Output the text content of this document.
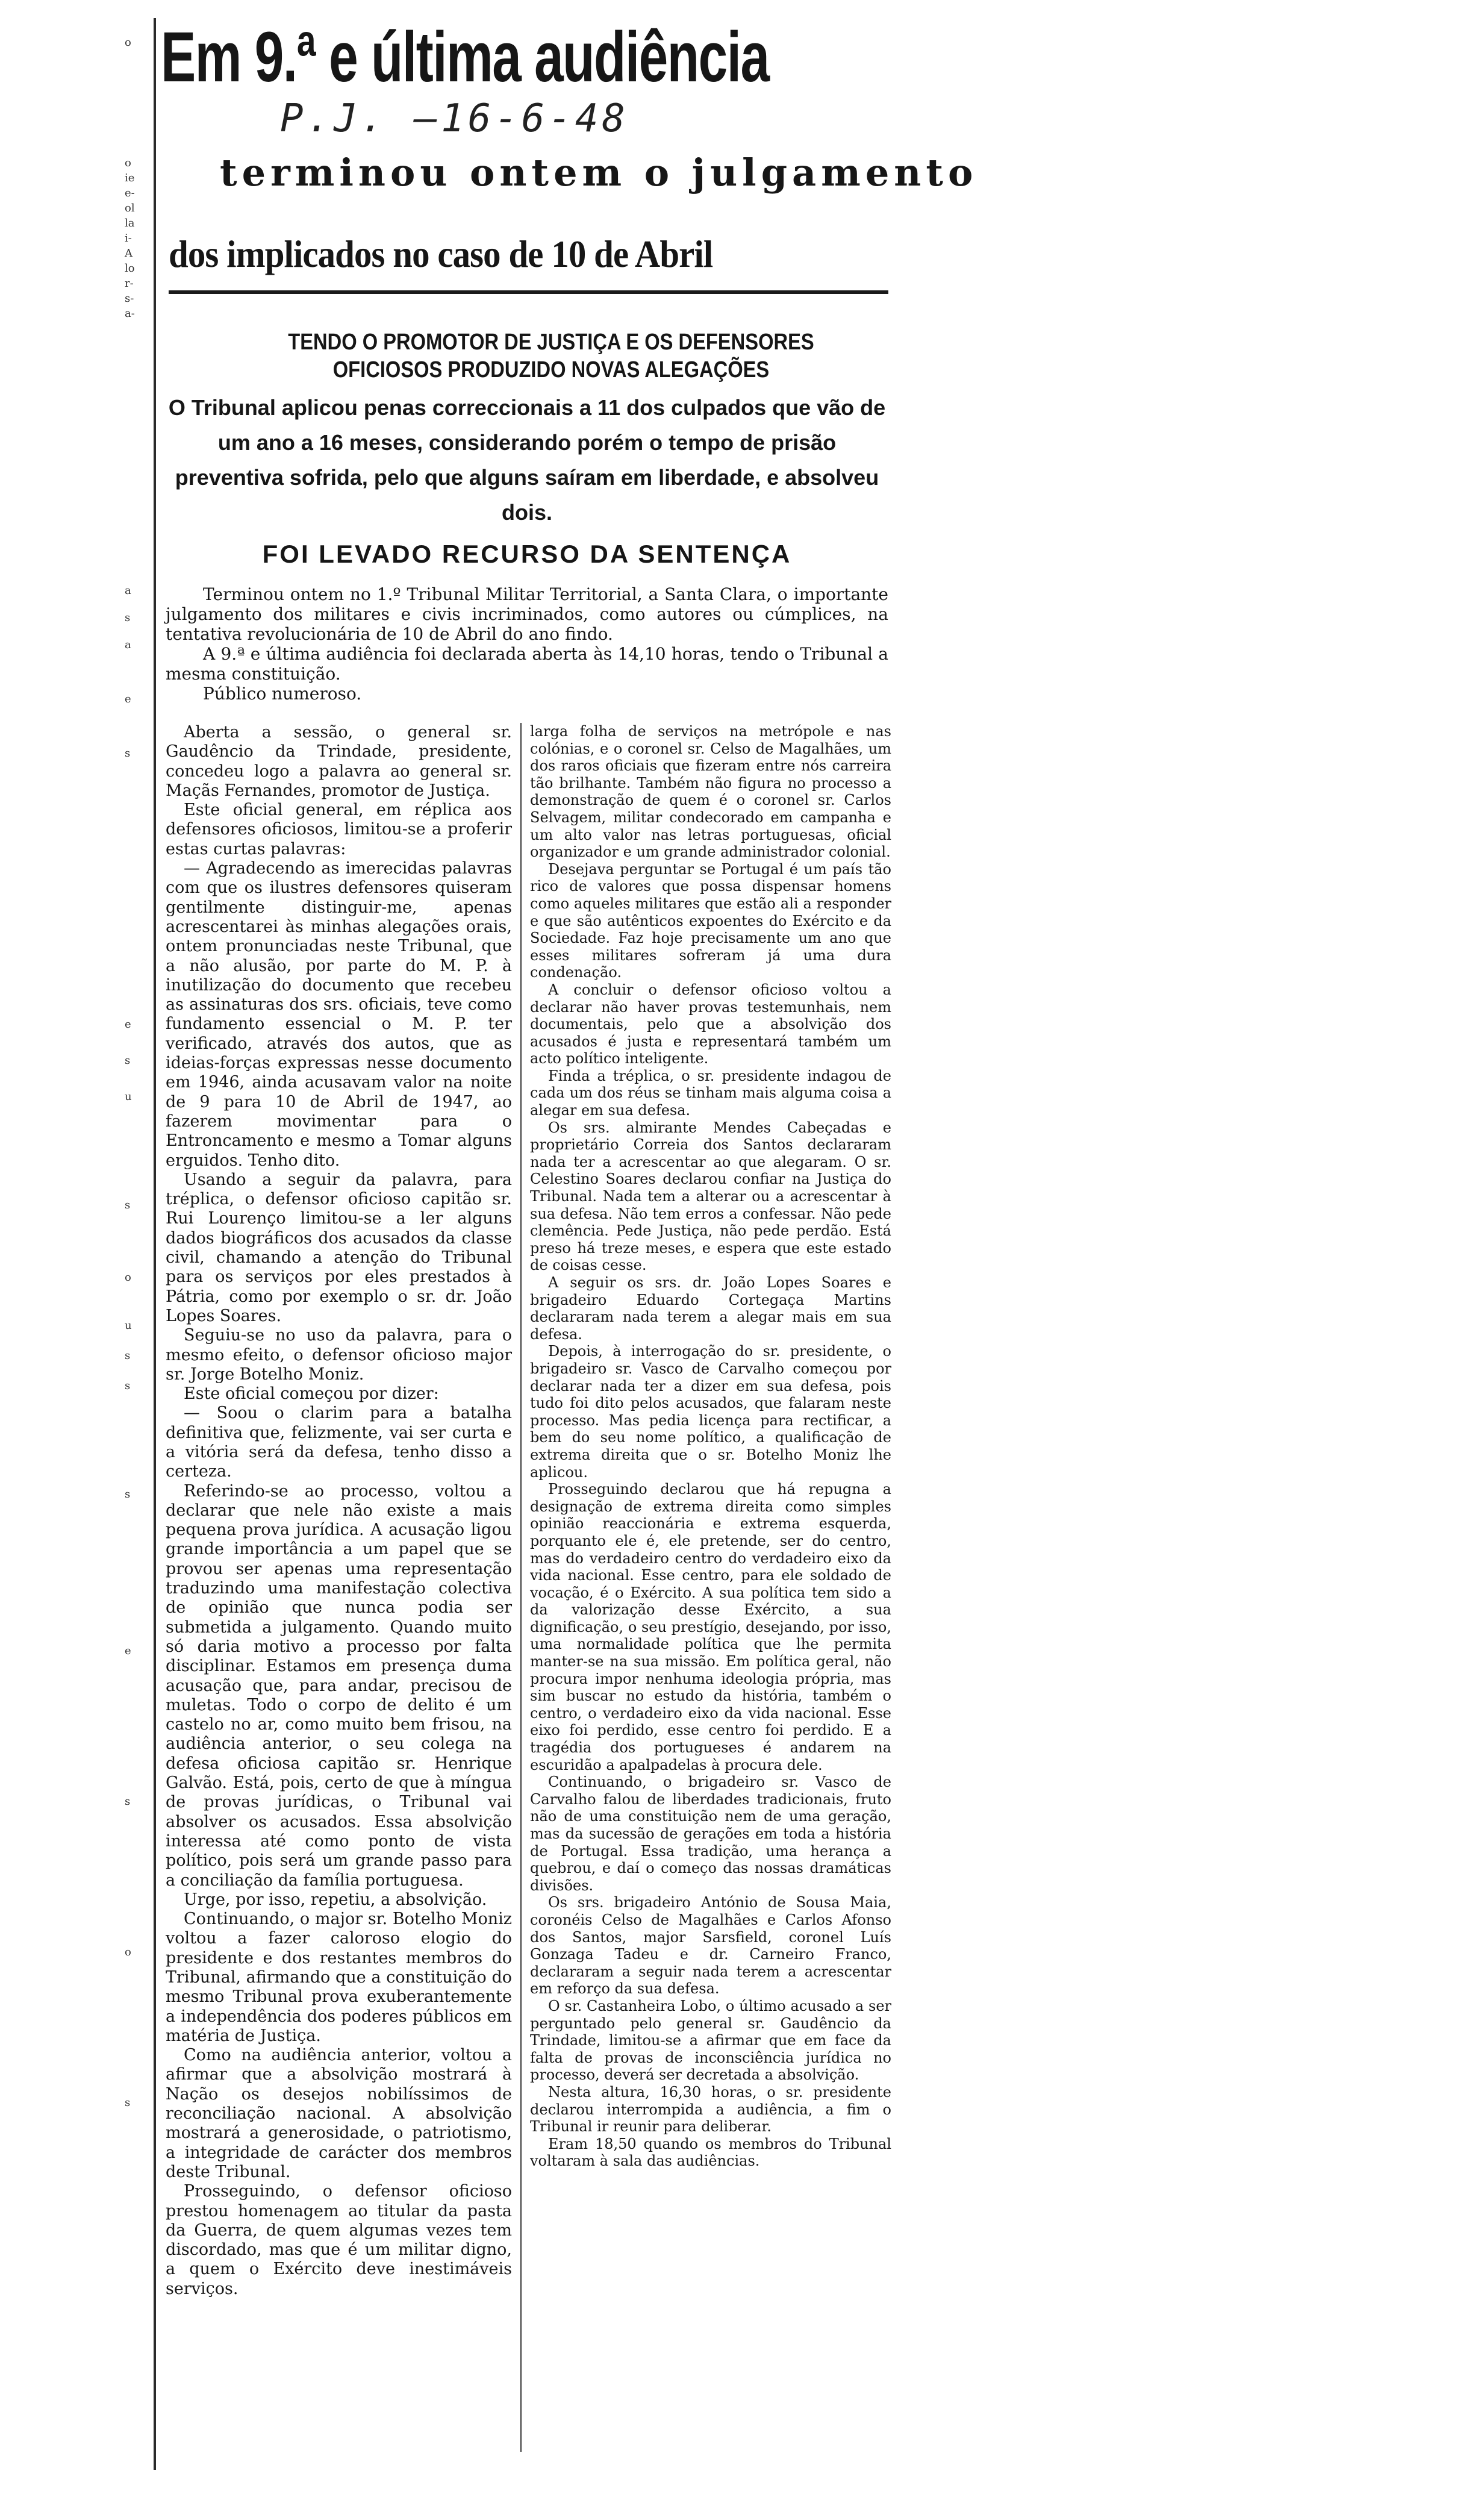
o
o
ie
e-
ol
la
i-
A
lo
r-
s-
a-
a
s
a
e
s
e
s
u
s
o
u
s
s
s
e
s
o
s
Em 9.ª e última audiência
P.J. —16-6-48
terminou ontem o julgamento
dos implicados no caso de 10 de Abril
TENDO O PROMOTOR DE JUSTIÇA E OS DEFENSORES OFICIOSOS PRODUZIDO NOVAS ALEGAÇÕES
O Tribunal aplicou penas correccionais a 11 dos culpados que vão de um ano a 16 meses, considerando porém o tempo de prisão preventiva sofrida, pelo que alguns saíram em liberdade, e absolveu dois.
FOI LEVADO RECURSO DA SENTENÇA

Terminou ontem no 1.º Tribunal Militar Territorial, a Santa Clara, o importante julgamento dos militares e civis incriminados, como autores ou cúmplices, na tentativa revolucionária de 10 de Abril do ano findo.

A 9.ª e última audiência foi declarada aberta às 14,10 horas, tendo o Tribunal a mesma constituição.

Público numeroso.

Aberta a sessão, o general sr. Gaudêncio da Trindade, presidente, concedeu logo a palavra ao general sr. Maçãs Fernandes, promotor de Justiça.

Este oficial general, em réplica aos defensores oficiosos, limitou-se a proferir estas curtas palavras:

— Agradecendo as imerecidas palavras com que os ilustres defensores quiseram gentilmente distinguir-me, apenas acrescentarei às minhas alegações orais, ontem pronunciadas neste Tribunal, que a não alusão, por parte do M. P. à inutilização do documento que recebeu as assinaturas dos srs. oficiais, teve como fundamento essencial o M. P. ter verificado, através dos autos, que as ideias-forças expressas nesse documento em 1946, ainda acusavam valor na noite de 9 para 10 de Abril de 1947, ao fazerem movimentar para o Entroncamento e mesmo a Tomar alguns erguidos. Tenho dito.

Usando a seguir da palavra, para tréplica, o defensor oficioso capitão sr. Rui Lourenço limitou-se a ler alguns dados biográficos dos acusados da classe civil, chamando a atenção do Tribunal para os serviços por eles prestados à Pátria, como por exemplo o sr. dr. João Lopes Soares.

Seguiu-se no uso da palavra, para o mesmo efeito, o defensor oficioso major sr. Jorge Botelho Moniz.

Este oficial começou por dizer:

— Soou o clarim para a batalha definitiva que, felizmente, vai ser curta e a vitória será da defesa, tenho disso a certeza.

Referindo-se ao processo, voltou a declarar que nele não existe a mais pequena prova jurídica. A acusação ligou grande importância a um papel que se provou ser apenas uma representação traduzindo uma manifestação colectiva de opinião que nunca podia ser submetida a julgamento. Quando muito só daria motivo a processo por falta disciplinar. Estamos em presença duma acusação que, para andar, precisou de muletas. Todo o corpo de delito é um castelo no ar, como muito bem frisou, na audiência anterior, o seu colega na defesa oficiosa capitão sr. Henrique Galvão. Está, pois, certo de que à míngua de provas jurídicas, o Tribunal vai absolver os acusados. Essa absolvição interessa até como ponto de vista político, pois será um grande passo para a conciliação da família portuguesa.

Urge, por isso, repetiu, a absolvição.

Continuando, o major sr. Botelho Moniz voltou a fazer caloroso elogio do presidente e dos restantes membros do Tribunal, afirmando que a constituição do mesmo Tribunal prova exuberantemente a independência dos poderes públicos em matéria de Justiça.

Como na audiência anterior, voltou a afirmar que a absolvição mostrará à Nação os desejos nobilíssimos de reconciliação nacional. A absolvição mostrará a generosidade, o patriotismo, a integridade de carácter dos membros deste Tribunal.

Prosseguindo, o defensor oficioso prestou homenagem ao titular da pasta da Guerra, de quem algumas vezes tem discordado, mas que é um militar digno, a quem o Exército deve inestimáveis serviços.

larga folha de serviços na metrópole e nas colónias, e o coronel sr. Celso de Magalhães, um dos raros oficiais que fizeram entre nós carreira tão brilhante. Também não figura no processo a demonstração de quem é o coronel sr. Carlos Selvagem, militar condecorado em campanha e um alto valor nas letras portuguesas, oficial organizador e um grande administrador colonial.

Desejava perguntar se Portugal é um país tão rico de valores que possa dispensar homens como aqueles militares que estão ali a responder e que são autênticos expoentes do Exército e da Sociedade. Faz hoje precisamente um ano que esses militares sofreram já uma dura condenação.

A concluir o defensor oficioso voltou a declarar não haver provas testemunhais, nem documentais, pelo que a absolvição dos acusados é justa e representará também um acto político inteligente.

Finda a tréplica, o sr. presidente indagou de cada um dos réus se tinham mais alguma coisa a alegar em sua defesa.

Os srs. almirante Mendes Cabeçadas e proprietário Correia dos Santos declararam nada ter a acrescentar ao que alegaram. O sr. Celestino Soares declarou confiar na Justiça do Tribunal. Nada tem a alterar ou a acrescentar à sua defesa. Não tem erros a confessar. Não pede clemência. Pede Justiça, não pede perdão. Está preso há treze meses, e espera que este estado de coisas cesse.

A seguir os srs. dr. João Lopes Soares e brigadeiro Eduardo Cortegaça Martins declararam nada terem a alegar mais em sua defesa.

Depois, à interrogação do sr. presidente, o brigadeiro sr. Vasco de Carvalho começou por declarar nada ter a dizer em sua defesa, pois tudo foi dito pelos acusados, que falaram neste processo. Mas pedia licença para rectificar, a bem do seu nome político, a qualificação de extrema direita que o sr. Botelho Moniz lhe aplicou.

Prosseguindo declarou que há repugna a designação de extrema direita como simples opinião reaccionária e extrema esquerda, porquanto ele é, ele pretende, ser do centro, mas do verdadeiro centro do verdadeiro eixo da vida nacional. Esse centro, para ele soldado de vocação, é o Exército. A sua política tem sido a da valorização desse Exército, a sua dignificação, o seu prestígio, desejando, por isso, uma normalidade política que lhe permita manter-se na sua missão. Em política geral, não procura impor nenhuma ideologia própria, mas sim buscar no estudo da história, também o centro, o verdadeiro eixo da vida nacional. Esse eixo foi perdido, esse centro foi perdido. E a tragédia dos portugueses é andarem na escuridão a apalpadelas à procura dele.

Continuando, o brigadeiro sr. Vasco de Carvalho falou de liberdades tradicionais, fruto não de uma constituição nem de uma geração, mas da sucessão de gerações em toda a história de Portugal. Essa tradição, uma herança a quebrou, e daí o começo das nossas dramáticas divisões.

Os srs. brigadeiro António de Sousa Maia, coronéis Celso de Magalhães e Carlos Afonso dos Santos, major Sarsfield, coronel Luís Gonzaga Tadeu e dr. Carneiro Franco, declararam a seguir nada terem a acrescentar em reforço da sua defesa.

O sr. Castanheira Lobo, o último acusado a ser perguntado pelo general sr. Gaudêncio da Trindade, limitou-se a afirmar que em face da falta de provas de inconsciência jurídica no processo, deverá ser decretada a absolvição.

Nesta altura, 16,30 horas, o sr. presidente declarou interrompida a audiência, a fim o Tribunal ir reunir para deliberar.

Eram 18,50 quando os membros do Tribunal voltaram à sala das audiências.
